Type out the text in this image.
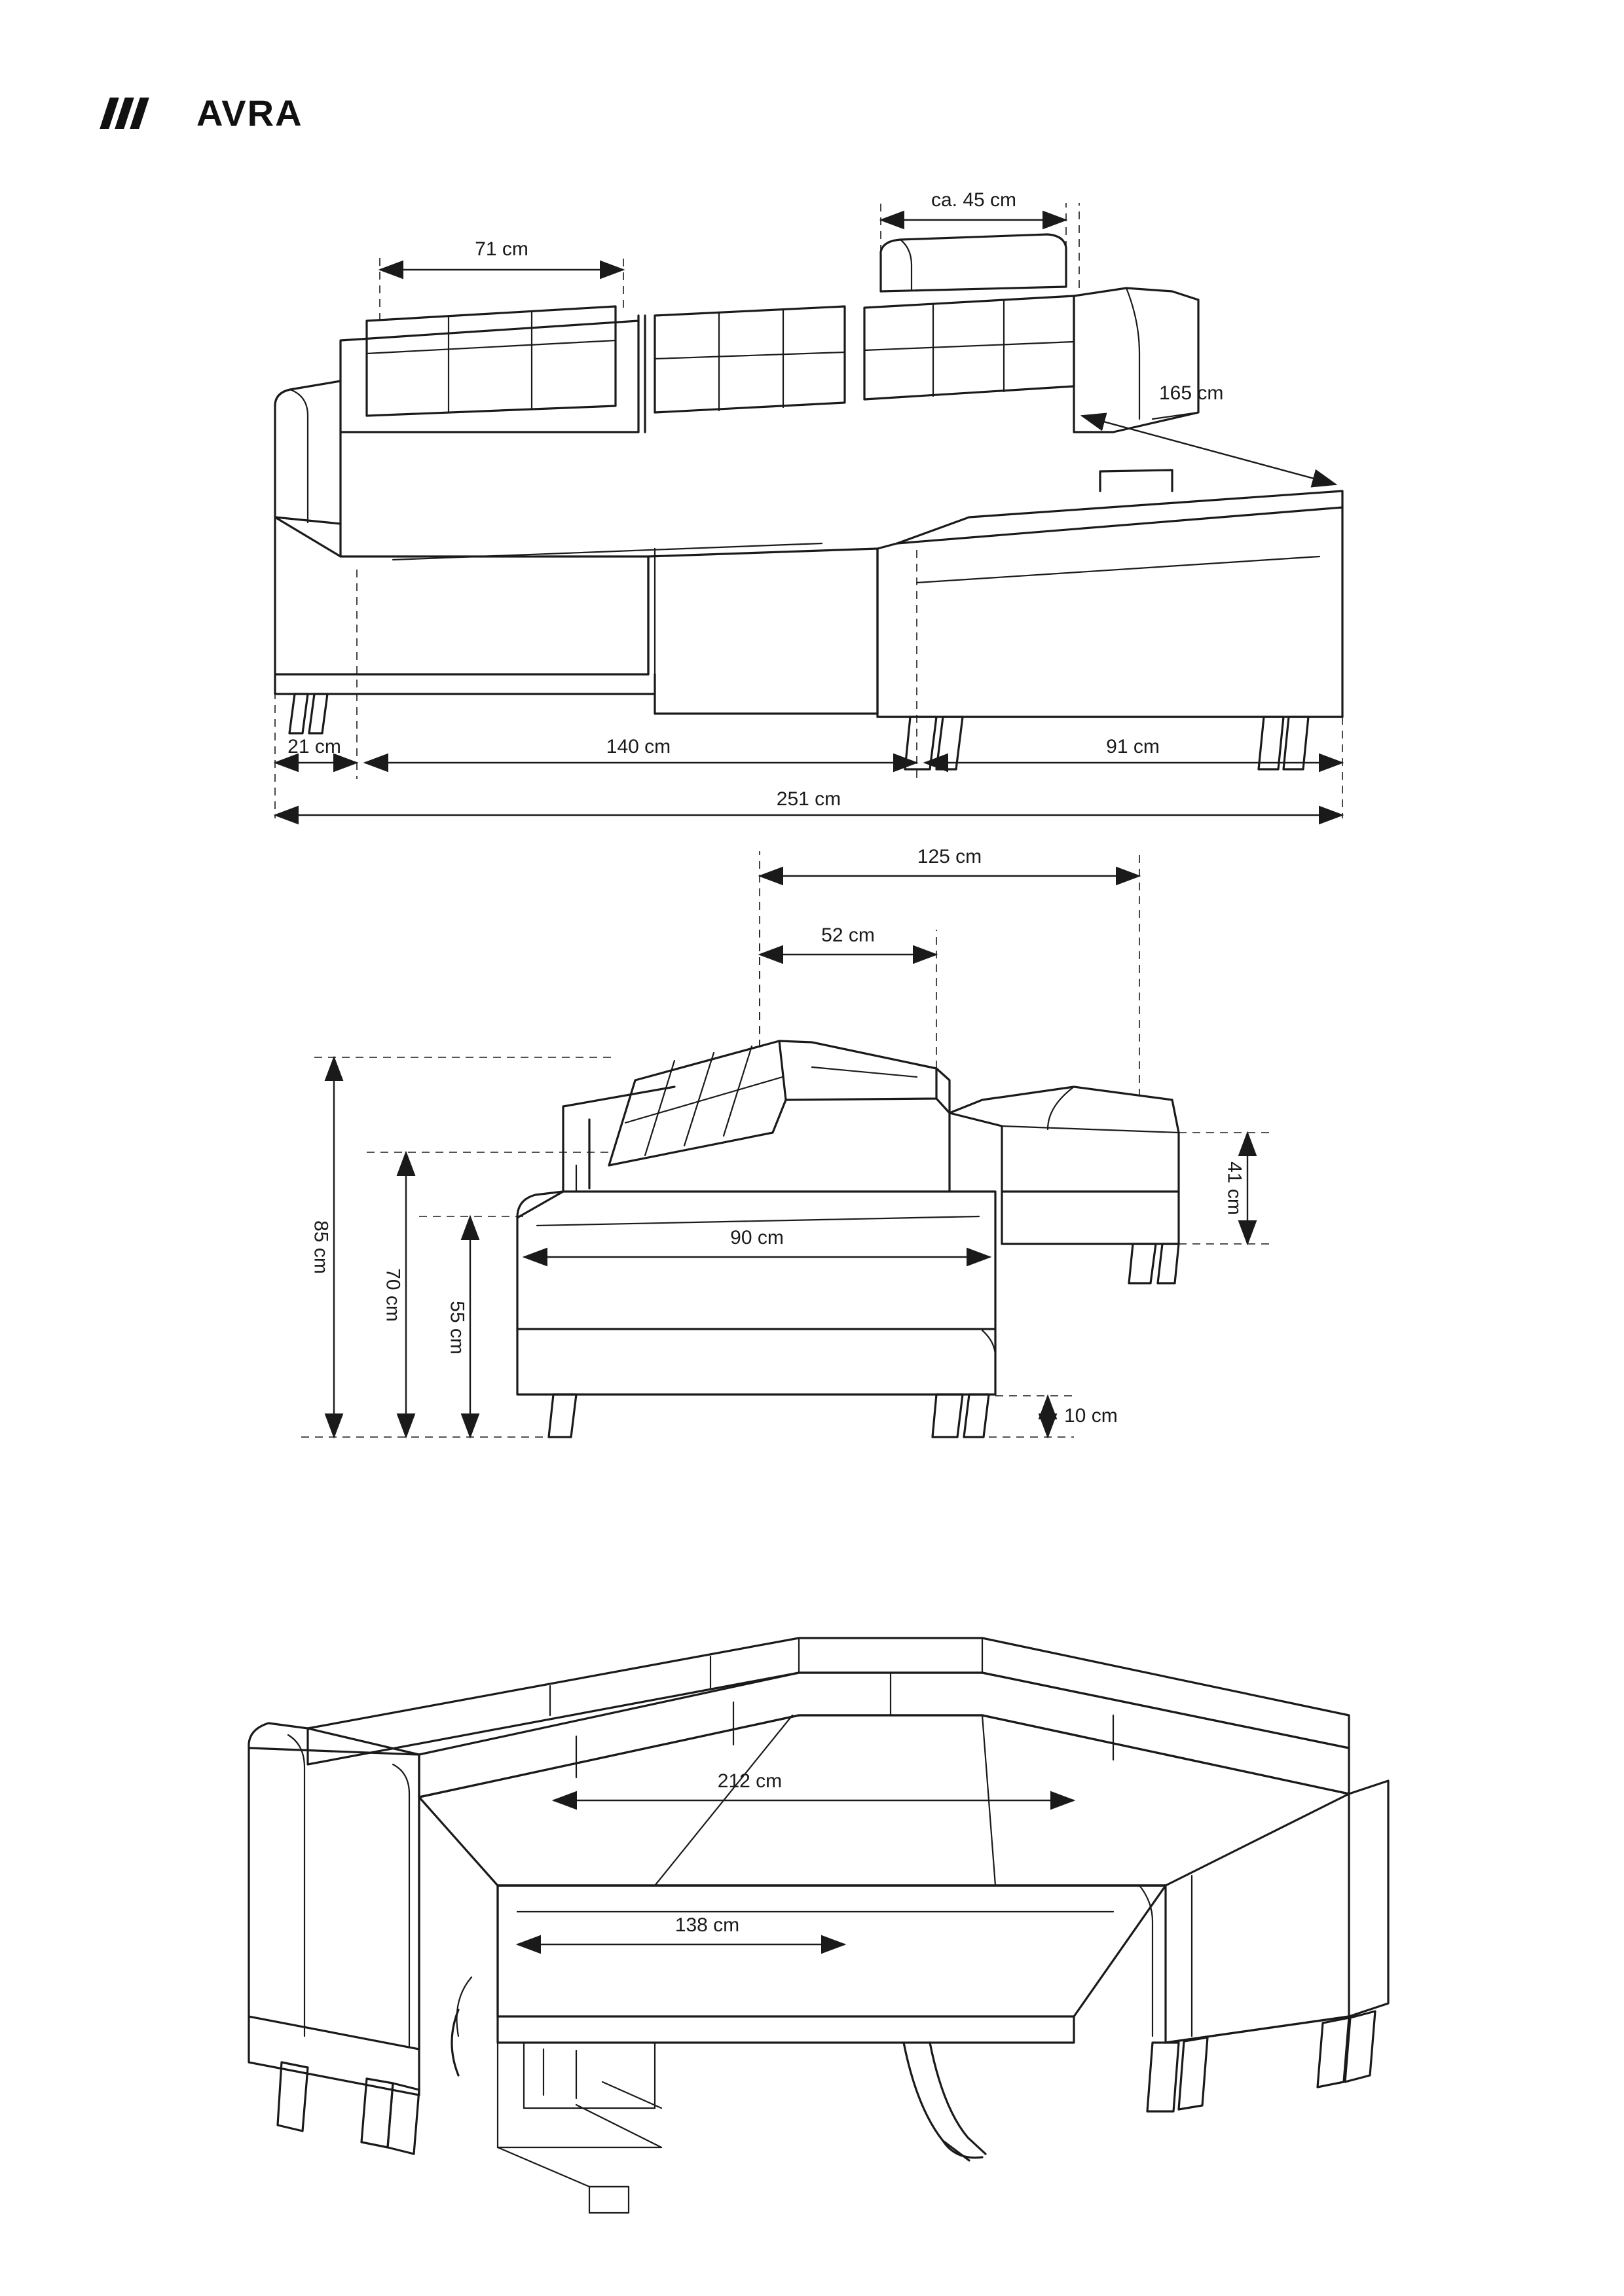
AVRA
71 cm
ca. 45 cm
165 cm
21 cm	140 cm	91 cm
251 cm
125 cm
52 cm
90 cm
41 cm
10 cm
85 cm
70 cm
55 cm
212 cm
138 cm
